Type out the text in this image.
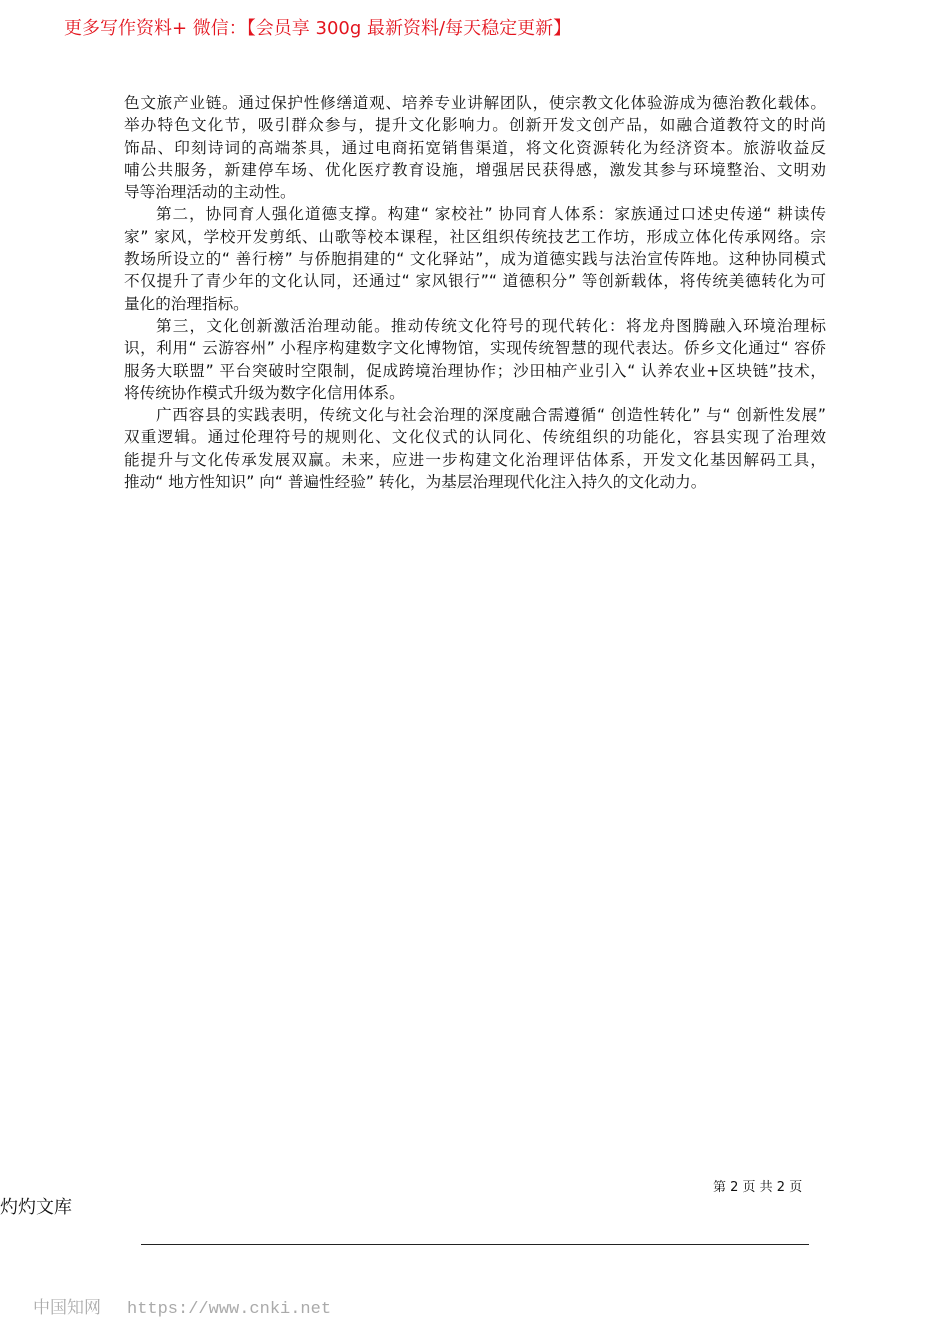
更多写作资料+ 微信：【会员享 300g 最新资料/每天稳定更新】
色文旅产业链。通过保护性修缮道观、培养专业讲解团队，使宗教文化体验游成为德治教化载体。
举办特色文化节，吸引群众参与，提升文化影响力。创新开发文创产品，如融合道教符文的时尚
饰品、印刻诗词的高端茶具，通过电商拓宽销售渠道，将文化资源转化为经济资本。旅游收益反
哺公共服务，新建停车场、优化医疗教育设施，增强居民获得感，激发其参与环境整治、文明劝
导等治理活动的主动性。
第二，协同育人强化道德支撑。构建“ 家校社” 协同育人体系：家族通过口述史传递“ 耕读传
家” 家风，学校开发剪纸、山歌等校本课程，社区组织传统技艺工作坊，形成立体化传承网络。宗
教场所设立的“ 善行榜” 与侨胞捐建的“ 文化驿站”，成为道德实践与法治宣传阵地。这种协同模式
不仅提升了青少年的文化认同，还通过“ 家风银行”“ 道德积分” 等创新载体，将传统美德转化为可
量化的治理指标。
第三，文化创新激活治理动能。推动传统文化符号的现代转化：将龙舟图腾融入环境治理标
识，利用“ 云游容州” 小程序构建数字文化博物馆，实现传统智慧的现代表达。侨乡文化通过“ 容侨
服务大联盟” 平台突破时空限制，促成跨境治理协作；沙田柚产业引入“ 认养农业+区块链”技术，
将传统协作模式升级为数字化信用体系。
广西容县的实践表明，传统文化与社会治理的深度融合需遵循“ 创造性转化” 与“ 创新性发展”
双重逻辑。通过伦理符号的规则化、文化仪式的认同化、传统组织的功能化，容县实现了治理效
能提升与文化传承发展双赢。未来，应进一步构建文化治理评估体系，开发文化基因解码工具，
推动“ 地方性知识” 向“ 普遍性经验” 转化，为基层治理现代化注入持久的文化动力。
第 2 页 共 2 页
灼灼文库
中国知网 https://www.cnki.net
